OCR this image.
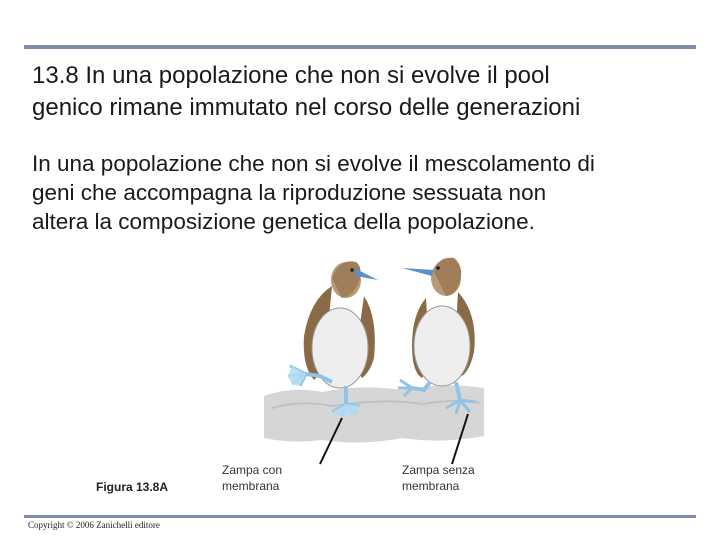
13.8 In una popolazione che non si evolve il pool
genico rimane immutato nel corso delle generazioni
In una popolazione che non si evolve il mescolamento di
geni che accompagna la riproduzione sessuata non
altera la composizione genetica della popolazione.
Figura 13.8A
Zampa con
membrana
Zampa senza
membrana
Copyright © 2006 Zanichelli editore
